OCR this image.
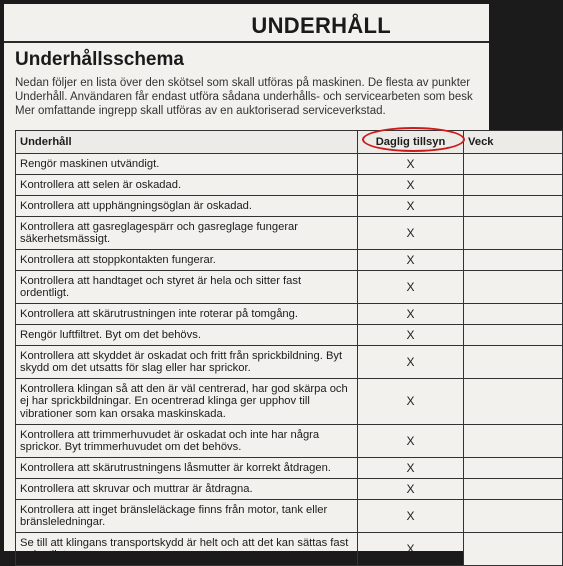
UNDERHÅLL
Underhållsschema
Nedan följer en lista över den skötsel som skall utföras på maskinen. De flesta av punkter
Underhåll. Användaren får endast utföra sådana underhålls- och servicearbeten som besk
Mer omfattande ingrepp skall utföras av en auktoriserad serviceverkstad.
Underhåll	Daglig tillsyn	Veck
Rengör maskinen utvändigt.	X	
Kontrollera att selen är oskadad.	X	
Kontrollera att upphängningsöglan är oskadad.	X	
Kontrollera att gasreglagespärr och gasreglage fungerar säkerhetsmässigt.	X	
Kontrollera att stoppkontakten fungerar.	X	
Kontrollera att handtaget och styret är hela och sitter fast ordentligt.	X	
Kontrollera att skärutrustningen inte roterar på tomgång.	X	
Rengör luftfiltret. Byt om det behövs.	X	
Kontrollera att skyddet är oskadat och fritt från sprickbildning. Byt skydd om det utsatts för slag eller har sprickor.	X	
Kontrollera klingan så att den är väl centrerad, har god skärpa och ej har sprickbildningar. En ocentrerad klinga ger upphov till vibrationer som kan orsaka maskinskada.	X	
Kontrollera att trimmerhuvudet är oskadat och inte har några sprickor. Byt trimmerhuvudet om det behövs.	X	
Kontrollera att skärutrustningens låsmutter är korrekt åtdragen.	X	
Kontrollera att skruvar och muttrar är åtdragna.	X	
Kontrollera att inget bränsleläckage finns från motor, tank eller bränsleledningar.	X	
Se till att klingans transportskydd är helt och att det kan sättas fast ordentligt.	X	
